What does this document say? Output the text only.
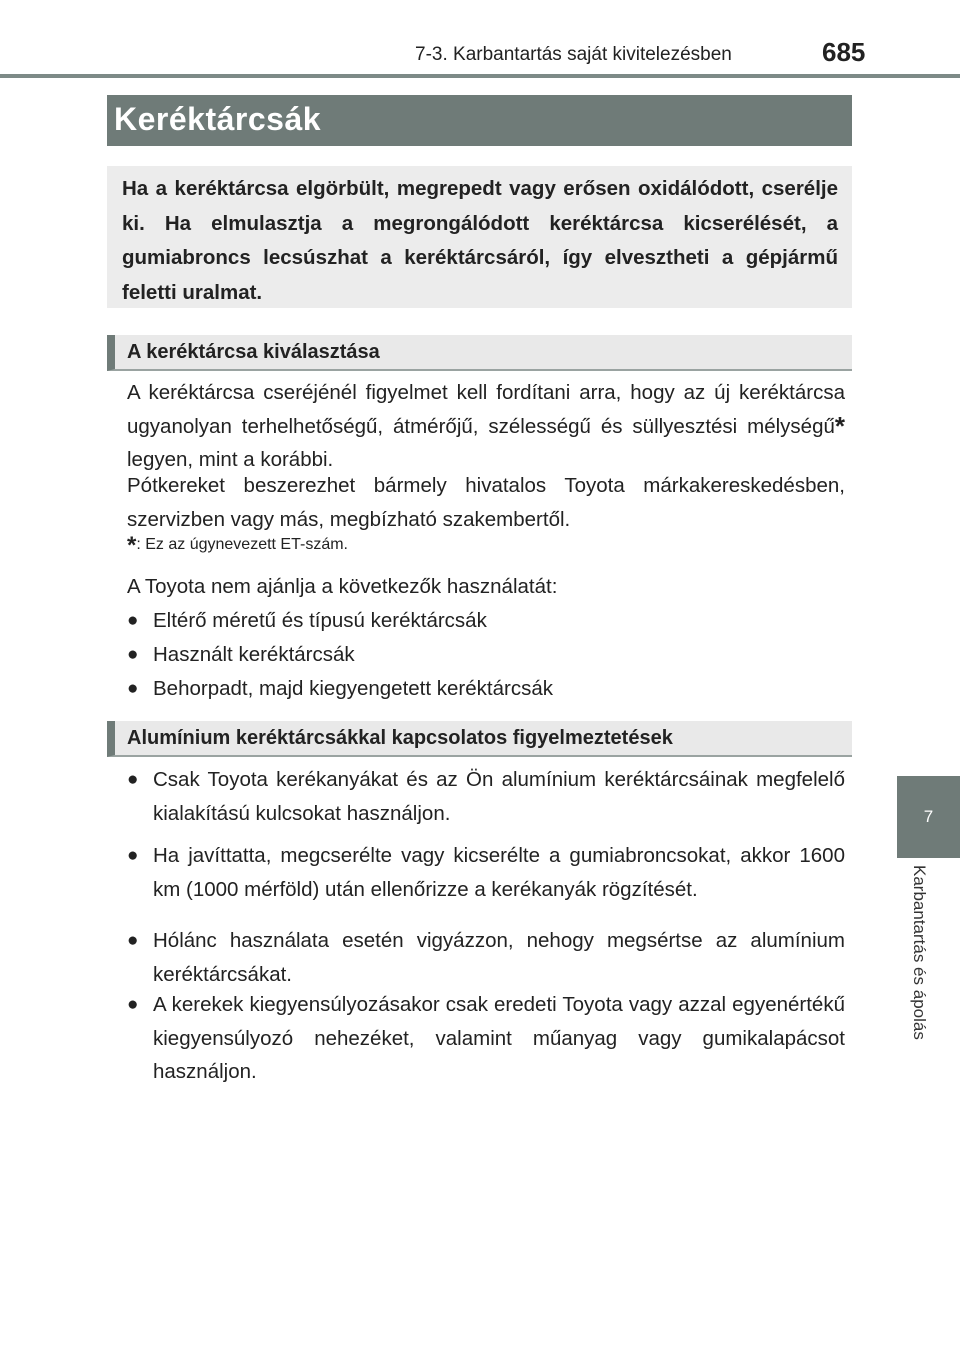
7-3. Karbantartás saját kivitelezésben	685
7
Karbantartás és ápolás
Keréktárcsák
Ha a keréktárcsa elgörbült, megrepedt vagy erősen oxidálódott, cserélje ki. Ha elmulasztja a megrongálódott keréktárcsa kicserélését, a gumiabroncs lecsúszhat a keréktárcsáról, így elvesztheti a gépjármű feletti uralmat.
A keréktárcsa kiválasztása
A keréktárcsa cseréjénél figyelmet kell fordítani arra, hogy az új keréktárcsa ugyanolyan terhelhetőségű, átmérőjű, szélességű és süllyesztési mélységű* legyen, mint a korábbi.
Pótkereket beszerezhet bármely hivatalos Toyota márkakereskedésben, szervizben vagy más, megbízható szakembertől.
*: Ez az úgynevezett ET-szám.
A Toyota nem ajánlja a következők használatát:
● Eltérő méretű és típusú keréktárcsák
● Használt keréktárcsák
● Behorpadt, majd kiegyengetett keréktárcsák
Alumínium keréktárcsákkal kapcsolatos figyelmeztetések
● Csak Toyota kerékanyákat és az Ön alumínium keréktárcsáinak megfelelő kialakítású kulcsokat használjon.
● Ha javíttatta, megcserélte vagy kicserélte a gumiabroncsokat, akkor 1600 km (1000 mérföld) után ellenőrizze a kerékanyák rögzítését.
● Hólánc használata esetén vigyázzon, nehogy megsértse az alumínium keréktárcsákat.
● A kerekek kiegyensúlyozásakor csak eredeti Toyota vagy azzal egyenértékű kiegyensúlyozó nehezéket, valamint műanyag vagy gumikalapácsot használjon.
